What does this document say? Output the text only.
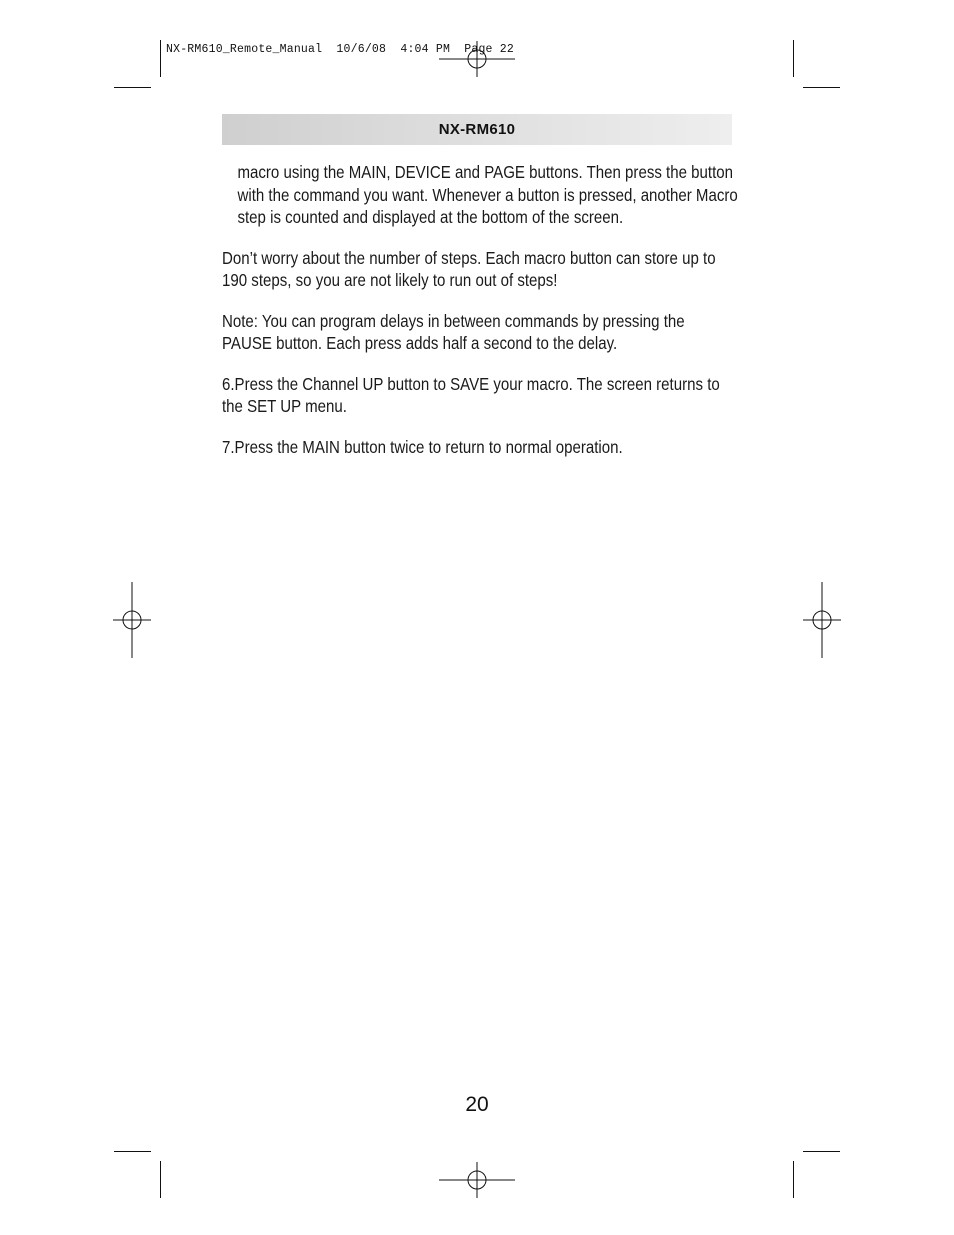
NX-RM610_Remote_Manual  10/6/08  4:04 PM  Page 22
NX-RM610

macro using the MAIN, DEVICE and PAGE buttons. Then press the button with the command you want. Whenever a button is pressed, another Macro step is counted and displayed at the bottom of the screen.

Don’t worry about the number of steps. Each macro button can store up to 190 steps, so you are not likely to run out of steps!

Note: You can program delays in between commands by pressing the PAUSE button. Each press adds half a second to the delay.

6.Press the Channel UP button to SAVE your macro. The screen returns to the SET UP menu.

7.Press the MAIN button twice to return to normal operation.

20
